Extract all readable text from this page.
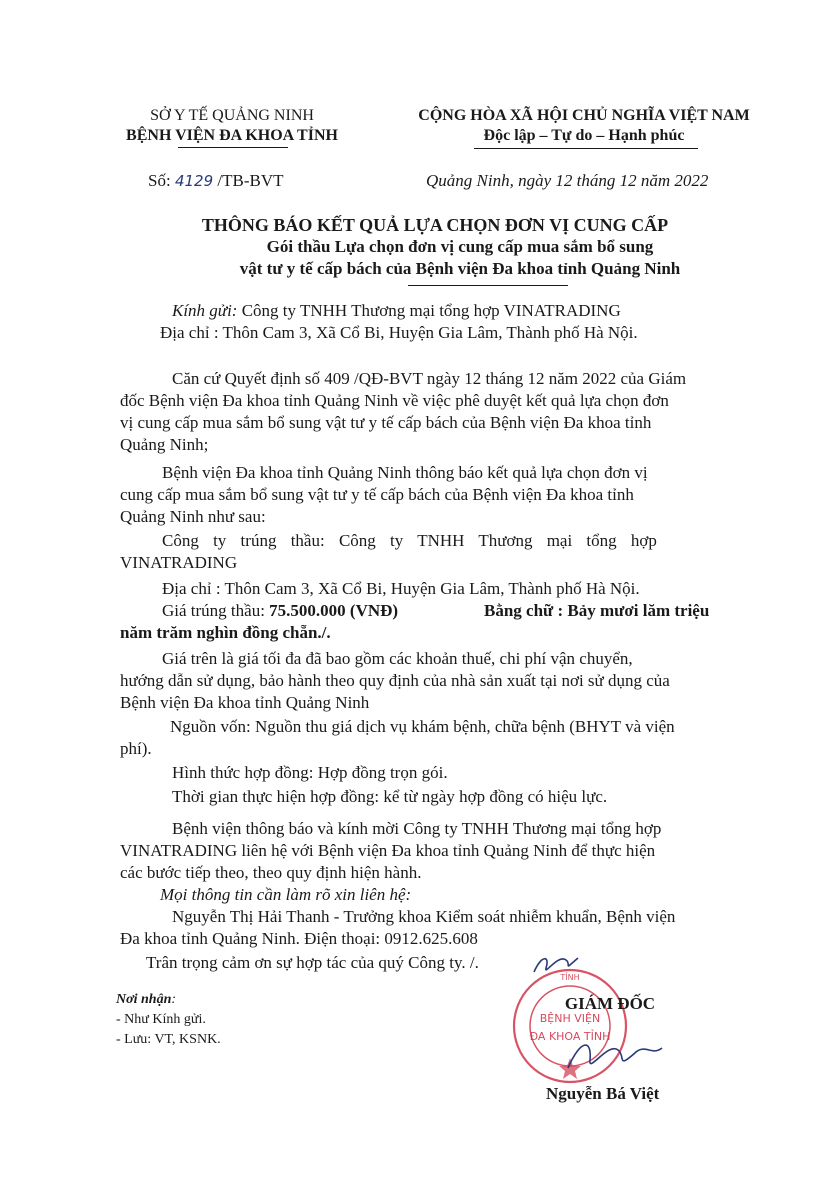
SỞ Y TẾ QUẢNG NINH
BỆNH VIỆN ĐA KHOA TỈNH
CỘNG HÒA XÃ HỘI CHỦ NGHĨA VIỆT NAM
Độc lập – Tự do – Hạnh phúc
Số: 4129 /TB-BVT	Quảng Ninh, ngày 12 tháng 12 năm 2022
THÔNG BÁO KẾT QUẢ LỰA CHỌN ĐƠN VỊ CUNG CẤP
Gói thầu Lựa chọn đơn vị cung cấp mua sắm bổ sung
vật tư y tế cấp bách của Bệnh viện Đa khoa tỉnh Quảng Ninh
Kính gửi: Công ty TNHH Thương mại tổng hợp VINATRADING
Địa chỉ : Thôn Cam 3, Xã Cổ Bi, Huyện Gia Lâm, Thành phố Hà Nội.
Căn cứ Quyết định số 409 /QĐ-BVT ngày 12 tháng 12 năm 2022 của Giám
đốc Bệnh viện Đa khoa tỉnh Quảng Ninh về việc phê duyệt kết quả lựa chọn đơn
vị cung cấp mua sắm bổ sung vật tư y tế cấp bách của Bệnh viện Đa khoa tỉnh
Quảng Ninh;
Bệnh viện Đa khoa tỉnh Quảng Ninh thông báo kết quả lựa chọn đơn vị
cung cấp mua sắm bổ sung vật tư y tế cấp bách của Bệnh viện Đa khoa tỉnh
Quảng Ninh như sau:
Công ty trúng thầu: Công ty TNHH Thương mại tổng hợp
VINATRADING
Địa chỉ : Thôn Cam 3, Xã Cổ Bi, Huyện Gia Lâm, Thành phố Hà Nội.
Giá trúng thầu: 75.500.000 (VNĐ)	Bằng chữ : Bảy mươi lăm triệu
năm trăm nghìn đồng chẵn./.
Giá trên là giá tối đa đã bao gồm các khoản thuế, chi phí vận chuyển,
hướng dẫn sử dụng, bảo hành theo quy định của nhà sản xuất tại nơi sử dụng của
Bệnh viện Đa khoa tỉnh Quảng Ninh
Nguồn vốn: Nguồn thu giá dịch vụ khám bệnh, chữa bệnh (BHYT và viện
phí).
Hình thức hợp đồng: Hợp đồng trọn gói.
Thời gian thực hiện hợp đồng: kể từ ngày hợp đồng có hiệu lực.
Bệnh viện thông báo và kính mời Công ty TNHH Thương mại tổng hợp
VINATRADING liên hệ với Bệnh viện Đa khoa tỉnh Quảng Ninh để thực hiện
các bước tiếp theo, theo quy định hiện hành.
Mọi thông tin cần làm rõ xin liên hệ:
Nguyễn Thị Hải Thanh - Trưởng khoa Kiểm soát nhiễm khuẩn, Bệnh viện
Đa khoa tỉnh Quảng Ninh. Điện thoại: 0912.625.608
Trân trọng cảm ơn sự hợp tác của quý Công ty. /.
Nơi nhận:
- Như Kính gửi.
- Lưu: VT, KSNK.
TỈNH
BỆNH VIỆN
ĐA KHOA TỈNH
GIÁM ĐỐC
Nguyễn Bá Việt
